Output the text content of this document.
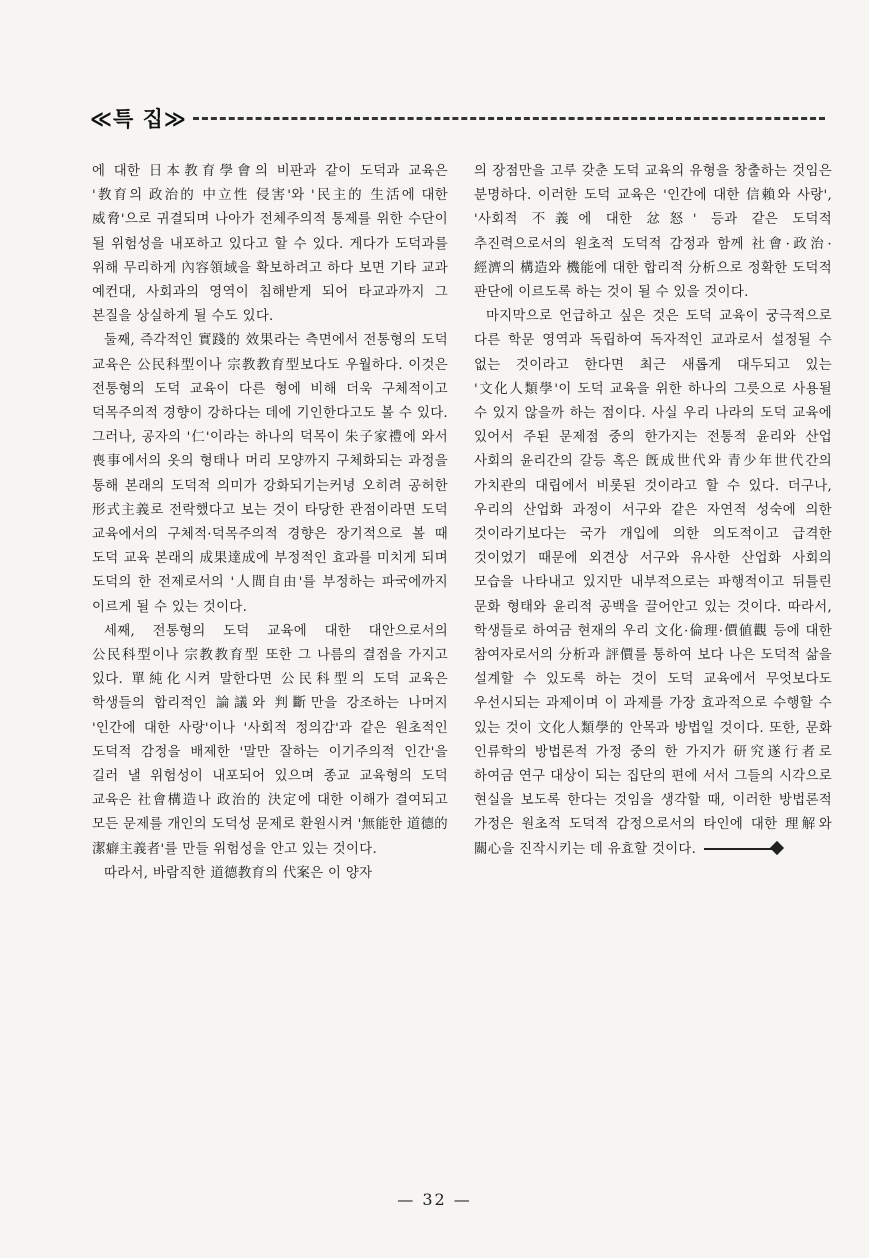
≪특 집≫

에 대한 日本教育學會의 비판과 같이 도덕과 교육은 '教育의 政治的 中立性 侵害'와 '民主的 生活에 대한 威脅'으로 귀결되며 나아가 전체주의적 통제를 위한 수단이 될 위험성을 내포하고 있다고 할 수 있다. 게다가 도덕과를 위해 무리하게 內容領域을 확보하려고 하다 보면 기타 교과 예컨대, 사회과의 영역이 침해받게 되어 타교과까지 그 본질을 상실하게 될 수도 있다.

둘째, 즉각적인 實踐的 效果라는 측면에서 전통형의 도덕 교육은 公民科型이나 宗教教育型보다도 우월하다. 이것은 전통형의 도덕 교육이 다른 형에 비해 더욱 구체적이고 덕목주의적 경향이 강하다는 데에 기인한다고도 볼 수 있다. 그러나, 공자의 '仁'이라는 하나의 덕목이 朱子家禮에 와서 喪事에서의 옷의 형태나 머리 모양까지 구체화되는 과정을 통해 본래의 도덕적 의미가 강화되기는커녕 오히려 공허한 形式主義로 전락했다고 보는 것이 타당한 관점이라면 도덕 교육에서의 구체적·덕목주의적 경향은 장기적으로 볼 때 도덕 교육 본래의 成果達成에 부정적인 효과를 미치게 되며 도덕의 한 전제로서의 '人間自由'를 부정하는 파국에까지 이르게 될 수 있는 것이다.

세째, 전통형의 도덕 교육에 대한 대안으로서의 公民科型이나 宗教教育型 또한 그 나름의 결점을 가지고 있다. 單純化시켜 말한다면 公民科型의 도덕 교육은 학생들의 합리적인 論議와 判斷만을 강조하는 나머지 '인간에 대한 사랑'이나 '사회적 정의감'과 같은 원초적인 도덕적 감정을 배제한 '말만 잘하는 이기주의적 인간'을 길러 낼 위험성이 내포되어 있으며 종교 교육형의 도덕 교육은 社會構造나 政治的 決定에 대한 이해가 결여되고 모든 문제를 개인의 도덕성 문제로 환원시켜 '無能한 道德的 潔癖主義者'를 만들 위험성을 안고 있는 것이다.

따라서, 바람직한 道德教育의 代案은 이 양자

의 장점만을 고루 갖춘 도덕 교육의 유형을 창출하는 것임은 분명하다. 이러한 도덕 교육은 '인간에 대한 信賴와 사랑', '사회적 不義에 대한 忿怒' 등과 같은 도덕적 추진력으로서의 원초적 도덕적 감정과 함께 社會·政治·經濟의 構造와 機能에 대한 합리적 分析으로 정확한 도덕적 판단에 이르도록 하는 것이 될 수 있을 것이다.

마지막으로 언급하고 싶은 것은 도덕 교육이 궁극적으로 다른 학문 영역과 독립하여 독자적인 교과로서 설정될 수 없는 것이라고 한다면 최근 새롭게 대두되고 있는 '文化人類學'이 도덕 교육을 위한 하나의 그릇으로 사용될 수 있지 않을까 하는 점이다. 사실 우리 나라의 도덕 교육에 있어서 주된 문제점 중의 한가지는 전통적 윤리와 산업 사회의 윤리간의 갈등 혹은 旣成世代와 青少年世代간의 가치관의 대립에서 비롯된 것이라고 할 수 있다. 더구나, 우리의 산업화 과정이 서구와 같은 자연적 성숙에 의한 것이라기보다는 국가 개입에 의한 의도적이고 급격한 것이었기 때문에 외견상 서구와 유사한 산업화 사회의 모습을 나타내고 있지만 내부적으로는 파행적이고 뒤틀린 문화 형태와 윤리적 공백을 끌어안고 있는 것이다. 따라서, 학생들로 하여금 현재의 우리 文化·倫理·價値觀 등에 대한 참여자로서의 分析과 評價를 통하여 보다 나은 도덕적 삶을 설계할 수 있도록 하는 것이 도덕 교육에서 무엇보다도 우선시되는 과제이며 이 과제를 가장 효과적으로 수행할 수 있는 것이 文化人類學的 안목과 방법일 것이다. 또한, 문화 인류학의 방법론적 가정 중의 한 가지가 研究遂行者로 하여금 연구 대상이 되는 집단의 편에 서서 그들의 시각으로 현실을 보도록 한다는 것임을 생각할 때, 이러한 방법론적 가정은 원초적 도덕적 감정으로서의 타인에 대한 理解와 關心을 진작시키는 데 유효할 것이다.

— 32 —
